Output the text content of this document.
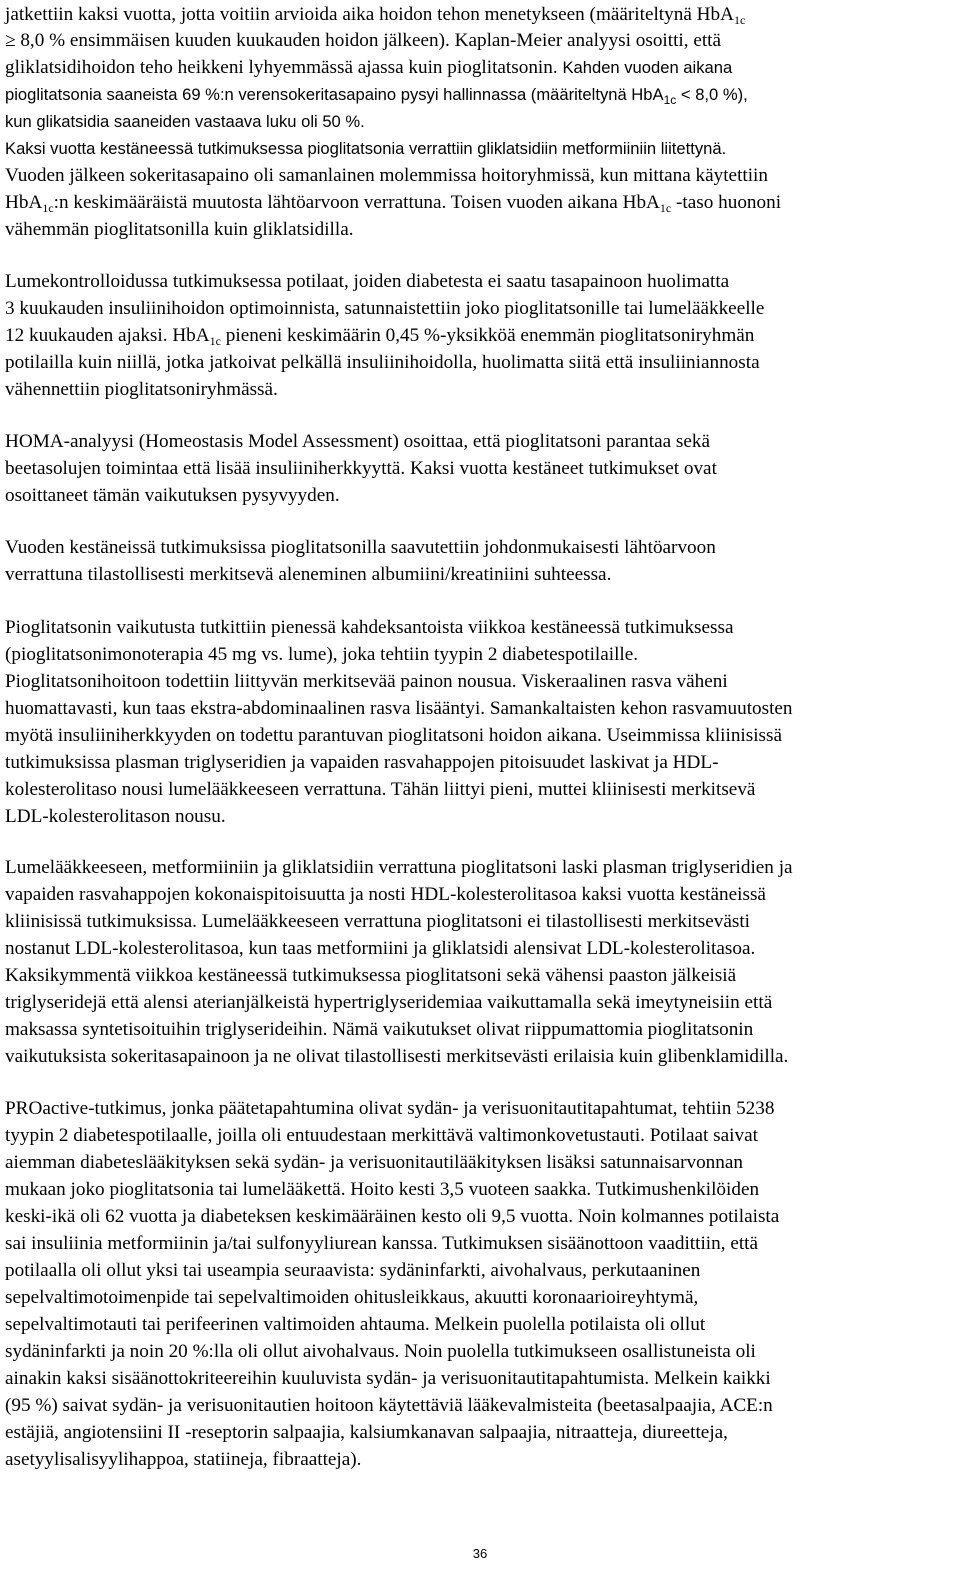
jatkettiin kaksi vuotta, jotta voitiin arvioida aika hoidon tehon menetykseen (määriteltynä HbA$_{1c}$
≥ 8,0 % ensimmäisen kuuden kuukauden hoidon jälkeen). Kaplan-Meier analyysi osoitti, että
gliklatsidihoidon teho heikkeni lyhyemmässä ajassa kuin pioglitatsonin. Kahden vuoden aikana
pioglitatsonia saaneista 69 %:n verensokeritasapaino pysyi hallinnassa (määriteltynä HbA$_{1c}$ < 8,0 %),
kun glikatsidia saaneiden vastaava luku oli 50 %.
Kaksi vuotta kestäneessä tutkimuksessa pioglitatsonia verrattiin gliklatsidiin metformiiniin liitettynä.
Vuoden jälkeen sokeritasapaino oli samanlainen molemmissa hoitoryhmissä, kun mittana käytettiin
HbA$_{1c}$:n keskimääräistä muutosta lähtöarvoon verrattuna. Toisen vuoden aikana HbA$_{1c}$ -taso huononi
vähemmän pioglitatsonilla kuin gliklatsidilla.
Lumekontrolloidussa tutkimuksessa potilaat, joiden diabetesta ei saatu tasapainoon huolimatta
3 kuukauden insuliinihoidon optimoinnista, satunnaistettiin joko pioglitatsonille tai lumelääkkeelle
12 kuukauden ajaksi. HbA$_{1c}$ pieneni keskimäärin 0,45 %-yksikköä enemmän pioglitatsoniryhmän
potilailla kuin niillä, jotka jatkoivat pelkällä insuliinihoidolla, huolimatta siitä että insuliiniannosta
vähennettiin pioglitatsoniryhmässä.
HOMA-analyysi (Homeostasis Model Assessment) osoittaa, että pioglitatsoni parantaa sekä
beetasolujen toimintaa että lisää insuliiniherkkyyttä. Kaksi vuotta kestäneet tutkimukset ovat
osoittaneet tämän vaikutuksen pysyvyyden.
Vuoden kestäneissä tutkimuksissa pioglitatsonilla saavutettiin johdonmukaisesti lähtöarvoon
verrattuna tilastollisesti merkitsevä aleneminen albumiini/kreatiniini suhteessa.
Pioglitatsonin vaikutusta tutkittiin pienessä kahdeksantoista viikkoa kestäneessä tutkimuksessa
(pioglitatsonimonoterapia 45 mg vs. lume), joka tehtiin tyypin 2 diabetespotilaille.
Pioglitatsonihoitoon todettiin liittyvän merkitsevää painon nousua. Viskeraalinen rasva väheni
huomattavasti, kun taas ekstra-abdominaalinen rasva lisääntyi. Samankaltaisten kehon rasvamuutosten
myötä insuliiniherkkyyden on todettu parantuvan pioglitatsoni hoidon aikana. Useimmissa kliinisissä
tutkimuksissa plasman triglyseridien ja vapaiden rasvahappojen pitoisuudet laskivat ja HDL-
kolesterolitaso nousi lumelääkkeeseen verrattuna. Tähän liittyi pieni, muttei kliinisesti merkitsevä
LDL-kolesterolitason nousu.
Lumelääkkeeseen, metformiiniin ja gliklatsidiin verrattuna pioglitatsoni laski plasman triglyseridien ja
vapaiden rasvahappojen kokonaispitoisuutta ja nosti HDL-kolesterolitasoa kaksi vuotta kestäneissä
kliinisissä tutkimuksissa. Lumelääkkeeseen verrattuna pioglitatsoni ei tilastollisesti merkitsevästi
nostanut LDL-kolesterolitasoa, kun taas metformiini ja gliklatsidi alensivat LDL-kolesterolitasoa.
Kaksikymmentä viikkoa kestäneessä tutkimuksessa pioglitatsoni sekä vähensi paaston jälkeisiä
triglyseridejä että alensi aterianjälkeistä hypertriglyseridemiaa vaikuttamalla sekä imeytyneisiin että
maksassa syntetisoituihin triglyserideihin. Nämä vaikutukset olivat riippumattomia pioglitatsonin
vaikutuksista sokeritasapainoon ja ne olivat tilastollisesti merkitsevästi erilaisia kuin glibenklamidilla.
PROactive-tutkimus, jonka päätetapahtumina olivat sydän- ja verisuonitautitapahtumat, tehtiin 5238
tyypin 2 diabetespotilaalle, joilla oli entuudestaan merkittävä valtimonkovetustauti. Potilaat saivat
aiemman diabeteslääkityksen sekä sydän- ja verisuonitautilääkityksen lisäksi satunnaisarvonnan
mukaan joko pioglitatsonia tai lumelääkettä. Hoito kesti 3,5 vuoteen saakka. Tutkimushenkilöiden
keski-ikä oli 62 vuotta ja diabeteksen keskimääräinen kesto oli 9,5 vuotta. Noin kolmannes potilaista
sai insuliinia metformiinin ja/tai sulfonyyliurean kanssa. Tutkimuksen sisäänottoon vaadittiin, että
potilaalla oli ollut yksi tai useampia seuraavista: sydäninfarkti, aivohalvaus, perkutaaninen
sepelvaltimotoimenpide tai sepelvaltimoiden ohitusleikkaus, akuutti koronaarioireyhtymä,
sepelvaltimotauti tai perifeerinen valtimoiden ahtauma. Melkein puolella potilaista oli ollut
sydäninfarkti ja noin 20 %:lla oli ollut aivohalvaus. Noin puolella tutkimukseen osallistuneista oli
ainakin kaksi sisäänottokriteereihin kuuluvista sydän- ja verisuonitautitapahtumista. Melkein kaikki
(95 %) saivat sydän- ja verisuonitautien hoitoon käytettäviä lääkevalmisteita (beetasalpaajia, ACE:n
estäjiä, angiotensiini II -reseptorin salpaajia, kalsiumkanavan salpaajia, nitraatteja, diureetteja,
asetyylisalisyylihappoa, statiineja, fibraatteja).
36
